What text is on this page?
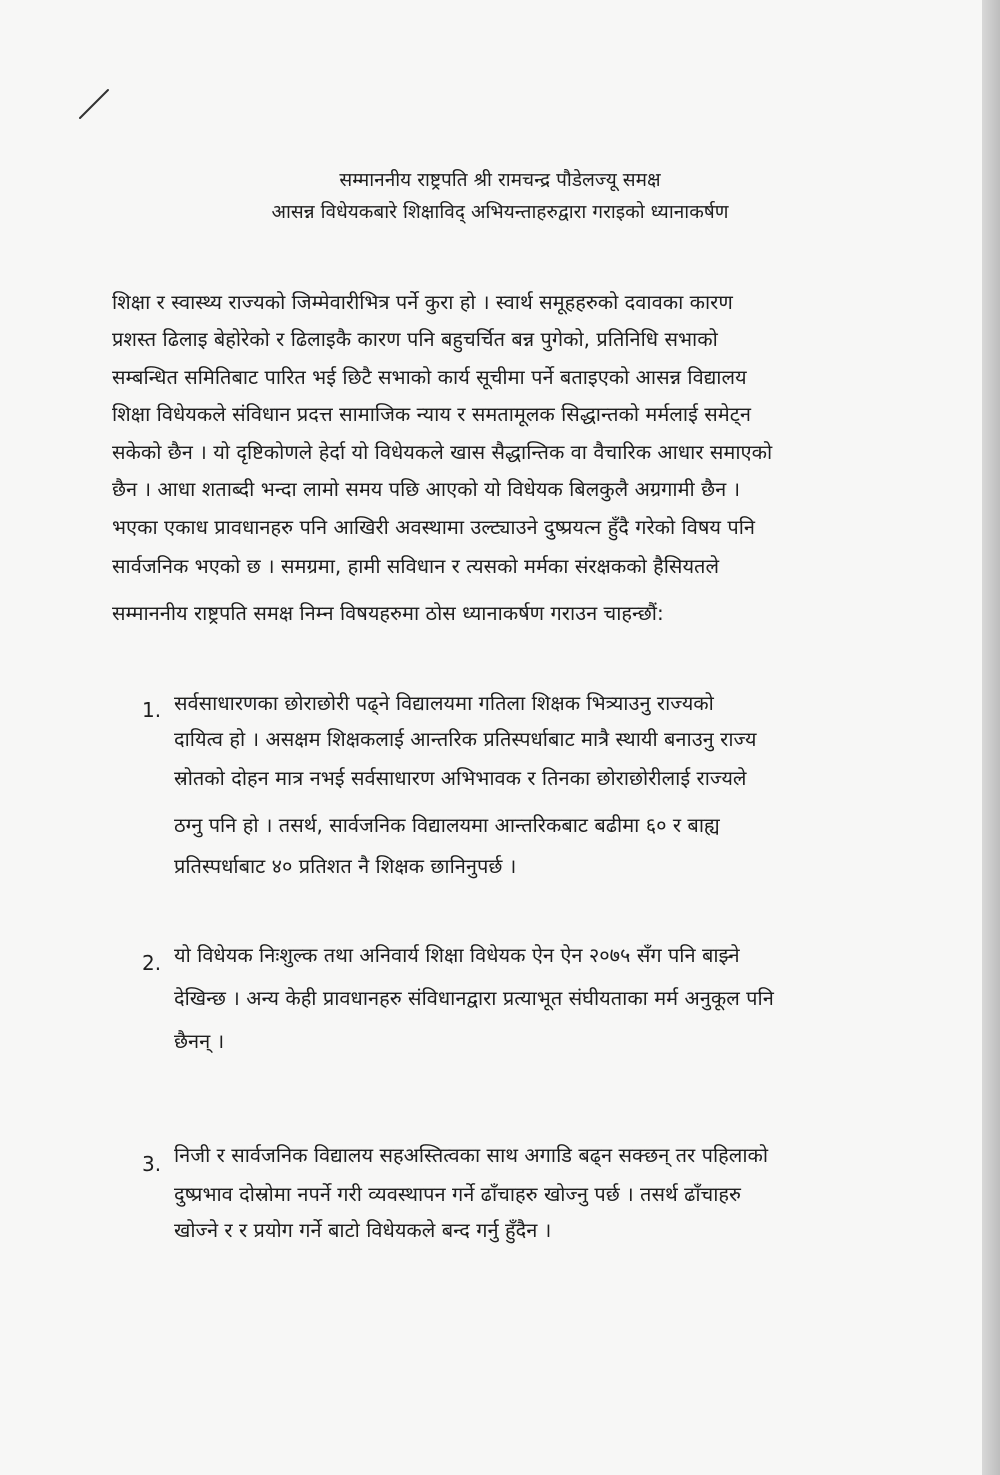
सम्माननीय राष्ट्रपति श्री रामचन्द्र पौडेलज्यू समक्ष
आसन्न विधेयकबारे शिक्षाविद् अभियन्ताहरुद्वारा गराइको ध्यानाकर्षण
शिक्षा र स्वास्थ्य राज्यको जिम्मेवारीभित्र पर्ने कुरा हो । स्वार्थ समूहहरुको दवावका कारण
प्रशस्त ढिलाइ बेहोरेको र ढिलाइकै कारण पनि बहुचर्चित बन्न पुगेको, प्रतिनिधि सभाको
सम्बन्धित समितिबाट पारित भई छिटै सभाको कार्य सूचीमा पर्ने बताइएको आसन्न विद्यालय
शिक्षा विधेयकले संविधान प्रदत्त सामाजिक न्याय र समतामूलक सिद्धान्तको मर्मलाई समेट्न
सकेको छैन । यो दृष्टिकोणले हेर्दा यो विधेयकले खास सैद्धान्तिक वा वैचारिक आधार समाएको
छैन । आधा शताब्दी भन्दा लामो समय पछि आएको यो विधेयक बिलकुलै अग्रगामी छैन ।
भएका एकाध प्रावधानहरु पनि आखिरी अवस्थामा उल्ट्याउने दुष्प्रयत्न हुँदै गरेको विषय पनि
सार्वजनिक भएको छ । समग्रमा, हामी सविधान र त्यसको मर्मका संरक्षकको हैसियतले
सम्माननीय राष्ट्रपति समक्ष निम्न विषयहरुमा ठोस ध्यानाकर्षण गराउन चाहन्छौं:
1. सर्वसाधारणका छोराछोरी पढ्ने विद्यालयमा गतिला शिक्षक भित्र्याउनु राज्यको
दायित्व हो । असक्षम शिक्षकलाई आन्तरिक प्रतिस्पर्धाबाट मात्रै स्थायी बनाउनु राज्य
स्रोतको दोहन मात्र नभई सर्वसाधारण अभिभावक र तिनका छोराछोरीलाई राज्यले
ठग्नु पनि हो । तसर्थ, सार्वजनिक विद्यालयमा आन्तरिकबाट बढीमा ६० र बाह्य
प्रतिस्पर्धाबाट ४० प्रतिशत नै शिक्षक छानिनुपर्छ ।
2. यो विधेयक निःशुल्क तथा अनिवार्य शिक्षा विधेयक ऐन ऐन २०७५ सँग पनि बाझ्ने
देखिन्छ । अन्य केही प्रावधानहरु संविधानद्वारा प्रत्याभूत संघीयताका मर्म अनुकूल पनि
छैनन् ।
3. निजी र सार्वजनिक विद्यालय सहअस्तित्वका साथ अगाडि बढ्न सक्छन् तर पहिलाको
दुष्प्रभाव दोस्रोमा नपर्ने गरी व्यवस्थापन गर्ने ढाँचाहरु खोज्नु पर्छ । तसर्थ ढाँचाहरु
खोज्ने र र प्रयोग गर्ने बाटो विधेयकले बन्द गर्नु हुँदैन ।
